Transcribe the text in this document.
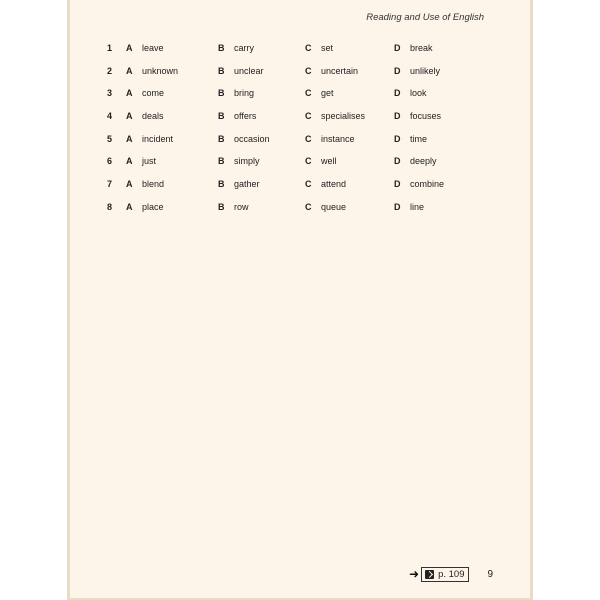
Reading and Use of English
1	A leave	B carry	C set	D break
2	A unknown	B unclear	C uncertain	D unlikely
3	A come	B bring	C get	D look
4	A deals	B offers	C specialises	D focuses
5	A incident	B occasion	C instance	D time
6	A just	B simply	C well	D deeply
7	A blend	B gather	C attend	D combine
8	A place	B row	C queue	D line
➜ p. 109 9
